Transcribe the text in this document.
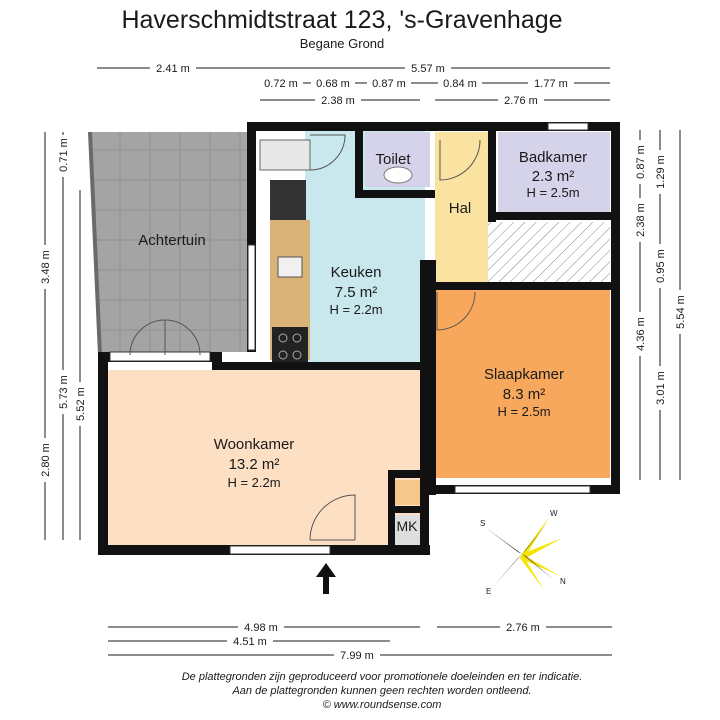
Haverschmidtstraat 123, 's-Gravenhage
Begane Grond
Achtertuin
Keuken
7.5 m²
H = 2.2m
Toilet	Badkamer
2.3 m²
H = 2.5m
Hal
Slaapkamer
8.3 m²
H = 2.5m
Woonkamer
13.2 m²
H = 2.2m
MK	S
W
N
E
2.41 m	5.57 m
0.72 m 0.68 m 0.87 m	0.84 m	1.77 m
2.38 m	2.76 m
0.71 m
3.48 m
2.80 m
5.73 m 5.52 m
0.87 m 1.29 m
2.38 m
0.95 m
4.36 m
3.01 m
5.54 m
4.98 m	2.76 m
4.51 m
7.99 m
De plattegronden zijn geproduceerd voor promotionele doeleinden en ter indicatie.
Aan de plattegronden kunnen geen rechten worden ontleend.
© www.roundsense.com
